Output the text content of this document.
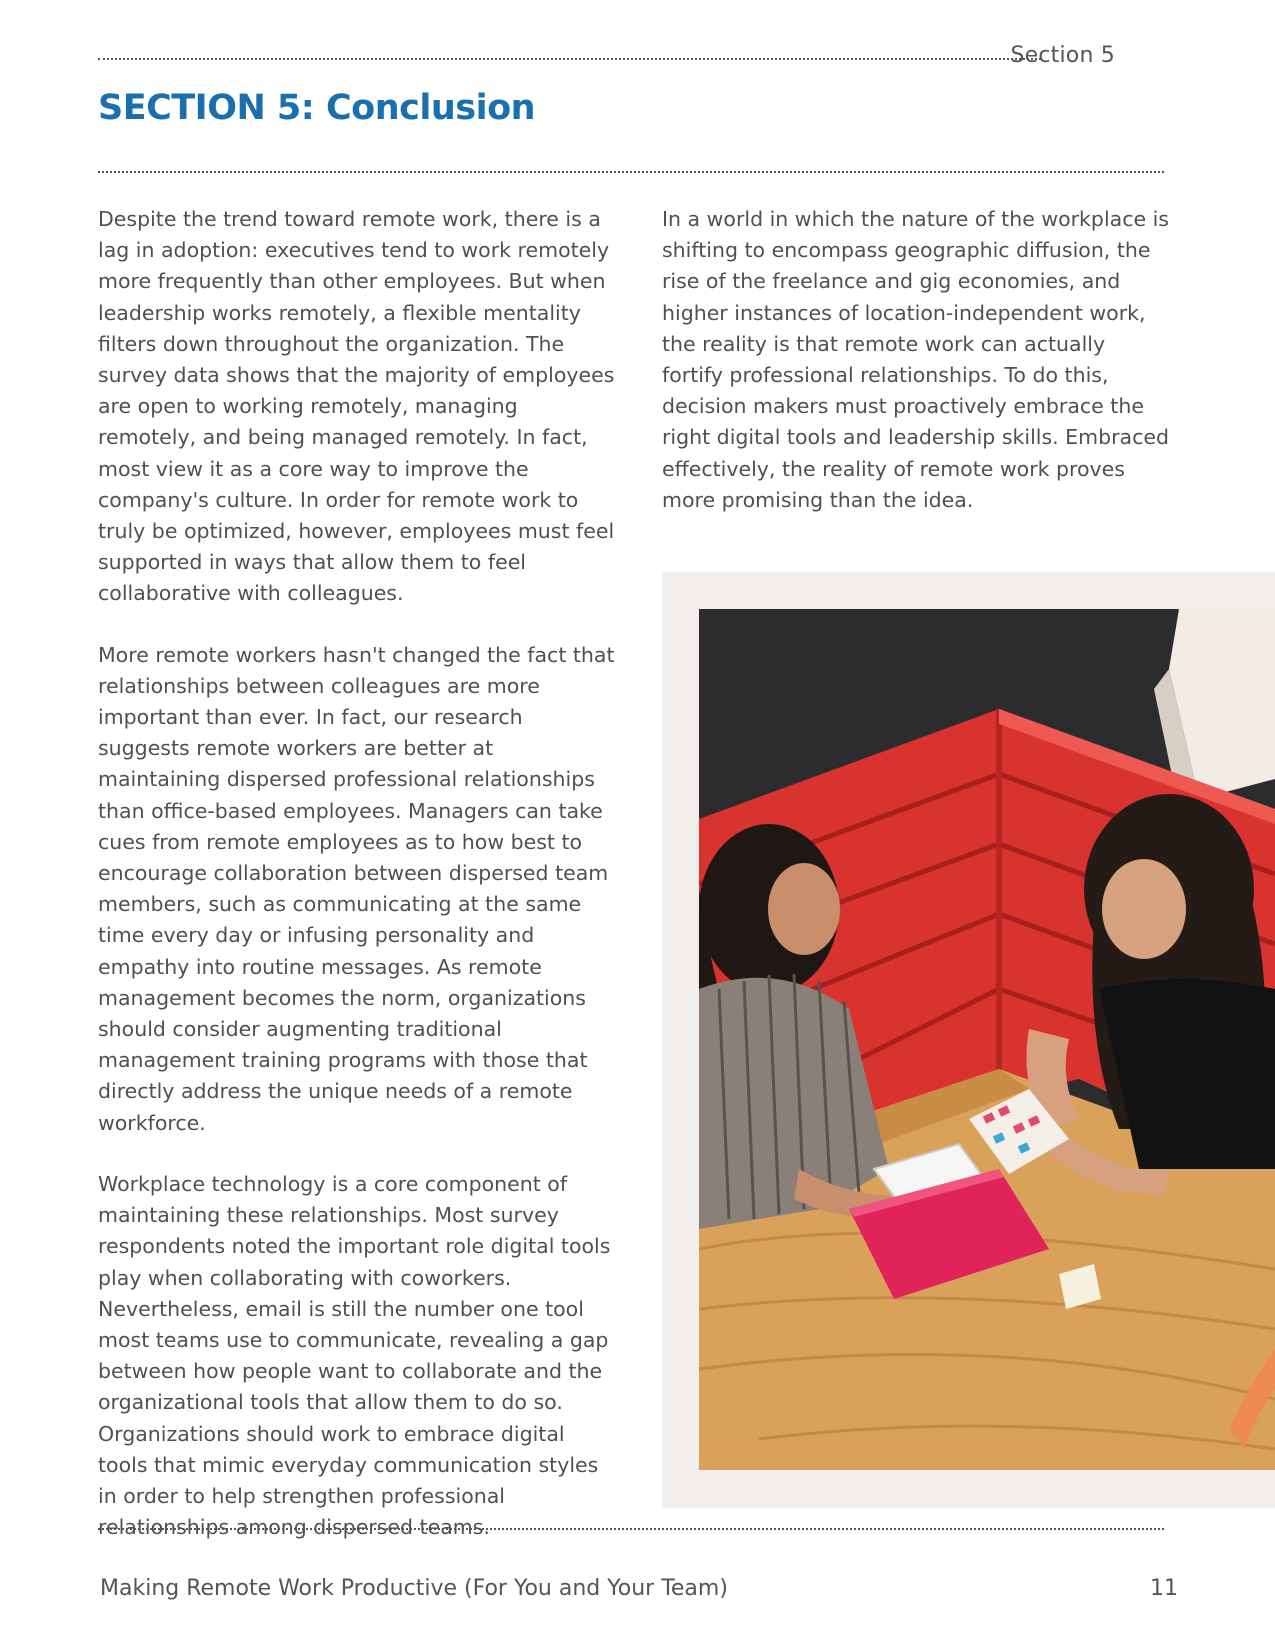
Section 5
SECTION 5: Conclusion

Despite the trend toward remote work, there is a lag in adoption: executives tend to work remotely more frequently than other employees. But when leadership works remotely, a flexible mentality filters down throughout the organization. The survey data shows that the majority of employees are open to working remotely, managing remotely, and being managed remotely. In fact, most view it as a core way to improve the company's culture. In order for remote work to truly be optimized, however, employees must feel supported in ways that allow them to feel collaborative with colleagues.

More remote workers hasn't changed the fact that relationships between colleagues are more important than ever. In fact, our research suggests remote workers are better at maintaining dispersed professional relationships than office-based employees. Managers can take cues from remote employees as to how best to encourage collaboration between dispersed team members, such as communicating at the same time every day or infusing personality and empathy into routine messages. As remote management becomes the norm, organizations should consider augmenting traditional management training programs with those that directly address the unique needs of a remote workforce.

Workplace technology is a core component of maintaining these relationships. Most survey respondents noted the important role digital tools play when collaborating with coworkers. Nevertheless, email is still the number one tool most teams use to communicate, revealing a gap between how people want to collaborate and the organizational tools that allow them to do so. Organizations should work to embrace digital tools that mimic everyday communication styles in order to help strengthen professional relationships among dispersed teams.

In a world in which the nature of the workplace is shifting to encompass geographic diffusion, the rise of the freelance and gig economies, and higher instances of location-independent work, the reality is that remote work can actually fortify professional relationships. To do this, decision makers must proactively embrace the right digital tools and leadership skills. Embraced effectively, the reality of remote work proves more promising than the idea.

Making Remote Work Productive (For You and Your Team)	11
